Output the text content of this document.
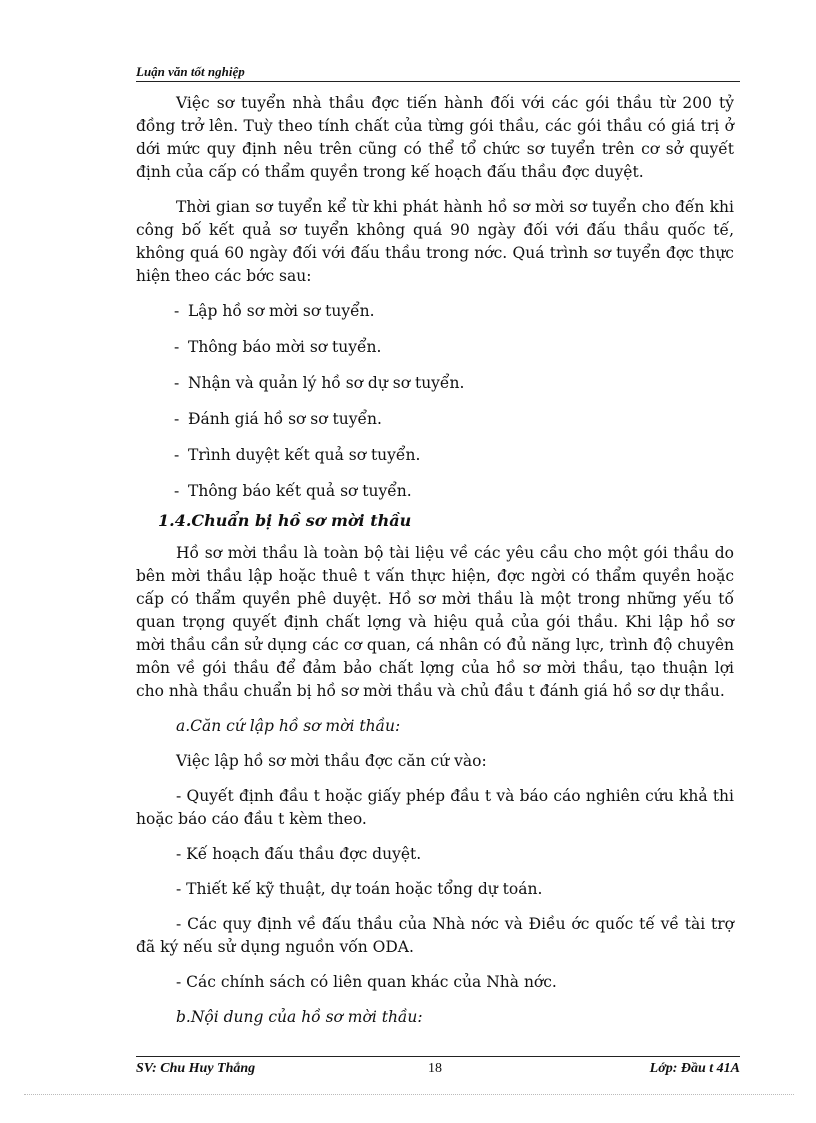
Luận văn tốt nghiệp

Việc sơ tuyển nhà thầu đợc tiến hành đối với các gói thầu từ 200 tỷ đồng trở lên. Tuỳ theo tính chất của từng gói thầu, các gói thầu có giá trị ở dới mức quy định nêu trên cũng có thể tổ chức sơ tuyển trên cơ sở quyết định của cấp có thẩm quyền trong kế hoạch đấu thầu đợc duyệt.

Thời gian sơ tuyển kể từ khi phát hành hồ sơ mời sơ tuyển cho đến khi công bố kết quả sơ tuyển không quá 90 ngày đối với đấu thầu quốc tế, không quá 60 ngày đối với đấu thầu trong nớc. Quá trình sơ tuyển đợc thực hiện theo các bớc sau:

- Lập hồ sơ mời sơ tuyển.

- Thông báo mời sơ tuyển.

- Nhận và quản lý hồ sơ dự sơ tuyển.

- Đánh giá hồ sơ sơ tuyển.

- Trình duyệt kết quả sơ tuyển.

- Thông báo kết quả sơ tuyển.

1.4.Chuẩn bị hồ sơ mời thầu

Hồ sơ mời thầu là toàn bộ tài liệu về các yêu cầu cho một gói thầu do bên mời thầu lập hoặc thuê t vấn thực hiện, đợc ngời có thẩm quyền hoặc cấp có thẩm quyền phê duyệt. Hồ sơ mời thầu là một trong những yếu tố quan trọng quyết định chất lợng và hiệu quả của gói thầu. Khi lập hồ sơ mời thầu cần sử dụng các cơ quan, cá nhân có đủ năng lực, trình độ chuyên môn về gói thầu để đảm bảo chất lợng của hồ sơ mời thầu, tạo thuận lợi cho nhà thầu chuẩn bị hồ sơ mời thầu và chủ đầu t đánh giá hồ sơ dự thầu.

a.Căn cứ lập hồ sơ mời thầu:

Việc lập hồ sơ mời thầu đợc căn cứ vào:

- Quyết định đầu t hoặc giấy phép đầu t và báo cáo nghiên cứu khả thi hoặc báo cáo đầu t kèm theo.

- Kế hoạch đấu thầu đợc duyệt.

- Thiết kế kỹ thuật, dự toán hoặc tổng dự toán.

- Các quy định về đấu thầu của Nhà nớc và Điều ớc quốc tế về tài trợ đã ký nếu sử dụng nguồn vốn ODA.

- Các chính sách có liên quan khác của Nhà nớc.

b.Nội dung của hồ sơ mời thầu:

SV: Chu Huy Thắng	18	Lớp: Đầu t 41A
